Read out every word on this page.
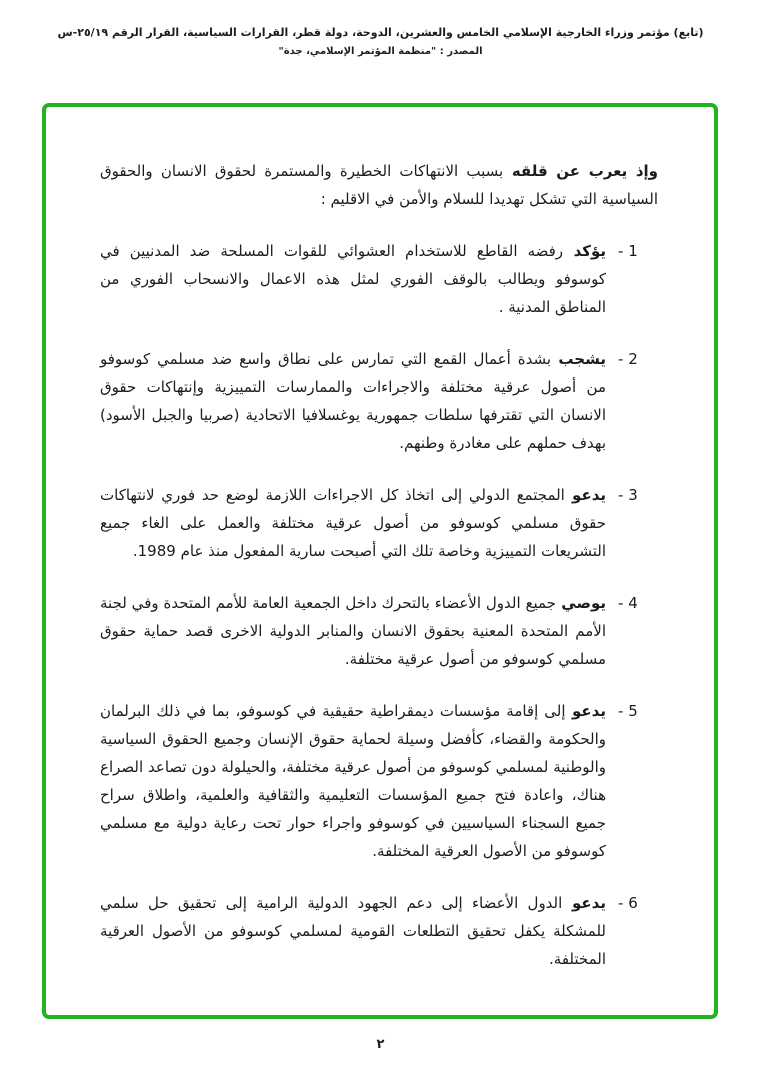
(تابع) مؤتمر وزراء الخارجية الإسلامي الخامس والعشرين، الدوحة، دولة قطر، القرارات السياسية، القرار الرقم ٢٥/١٩-س
المصدر : "منظمة المؤتمر الإسلامي، جدة"

وإذ يعرب عن قلقهبسبب الانتهاكات الخطيرة والمستمرة لحقوق الانسان والحقوق السياسية التي تشكل تهديدا للسلام والأمن في الاقليم :

1 -
يؤكدرفضه القاطع للاستخدام العشوائي للقوات المسلحة ضد المدنيين في كوسوفو ويطالب بالوقف الفوري لمثل هذه الاعمال والانسحاب الفوري من المناطق المدنية .
2 -
يشجببشدة أعمال القمع التي تمارس على نطاق واسع ضد مسلمي كوسوفو من أصول عرقية مختلفة والاجراءات والممارسات التمييزية وإنتهاكات حقوق الانسان التي تقترفها سلطات جمهورية يوغسلافيا الاتحادية (صربيا والجبل الأسود) بهدف حملهم على مغادرة وطنهم.
3 -
يدعوالمجتمع الدولي إلى اتخاذ كل الاجراءات اللازمة لوضع حد فوري لانتهاكات حقوق مسلمي كوسوفو من أصول عرقية مختلفة والعمل على الغاء جميع التشريعات التمييزية وخاصة تلك التي أصبحت سارية المفعول منذ عام 1989.
4 -
يوصيجميع الدول الأعضاء بالتحرك داخل الجمعية العامة للأمم المتحدة وفي لجنة الأمم المتحدة المعنية بحقوق الانسان والمنابر الدولية الاخرى قصد حماية حقوق مسلمي كوسوفو من أصول عرقية مختلفة.
5 -
يدعوإلى إقامة مؤسسات ديمقراطية حقيقية في كوسوفو، بما في ذلك البرلمان والحكومة والقضاء، كأفضل وسيلة لحماية حقوق الإنسان وجميع الحقوق السياسية والوطنية لمسلمي كوسوفو من أصول عرقية مختلفة، والحيلولة دون تصاعد الصراع هناك، واعادة فتح جميع المؤسسات التعليمية والثقافية والعلمية، واطلاق سراح جميع السجناء السياسيين في كوسوفو واجراء حوار تحت رعاية دولية مع مسلمي كوسوفو من الأصول العرقية المختلفة.
6 -
يدعوالدول الأعضاء إلى دعم الجهود الدولية الرامية إلى تحقيق حل سلمي للمشكلة يكفل تحقيق التطلعات القومية لمسلمي كوسوفو من الأصول العرقية المختلفة.
٢
